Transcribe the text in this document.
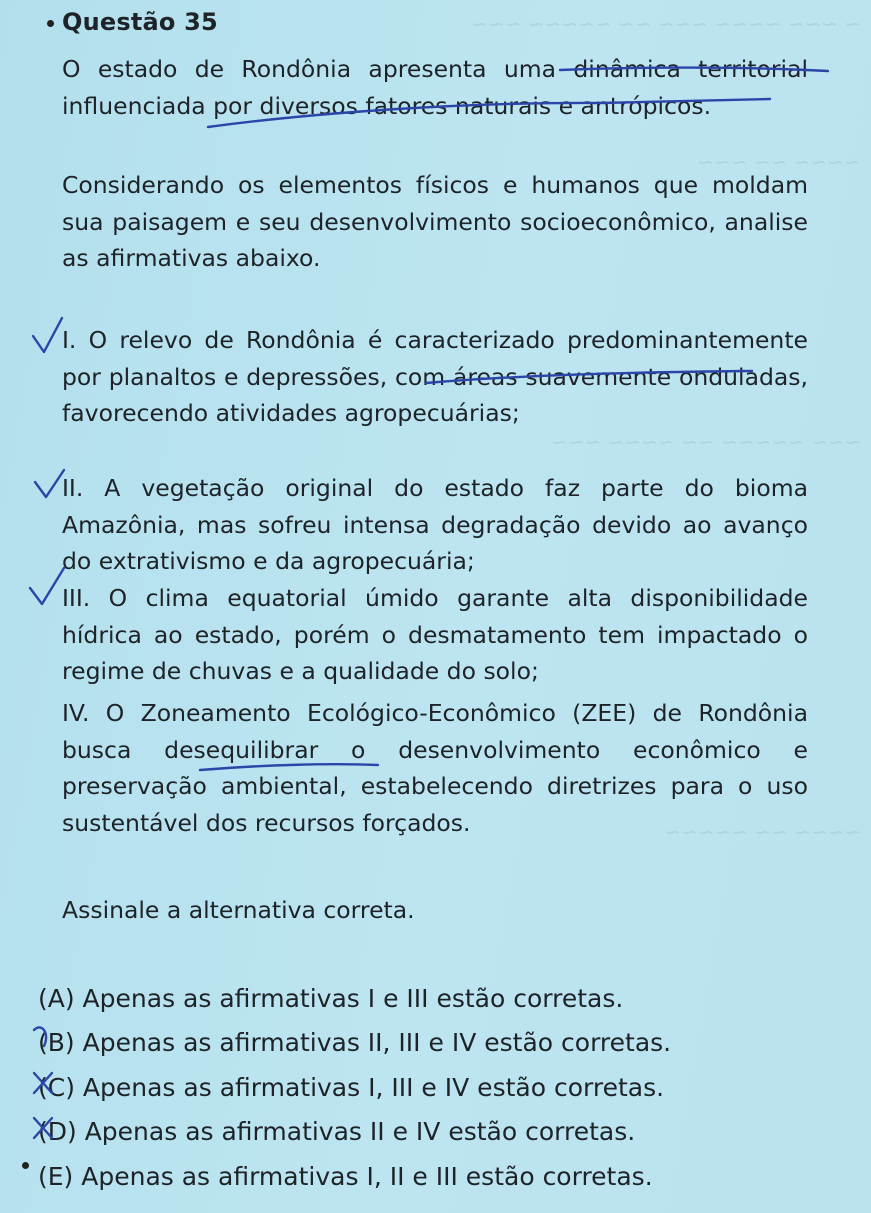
~ ~~~ ~~~~ ~~~ ~~ ~~~~~ ~~~
~~~~ ~~ ~~~
~~~ ~~~~~ ~~ ~~~~ ~~~
~~~~ ~~ ~~~~~
Questão 35
O estado de Rondônia apresenta uma dinâmica territorial influenciada por diversos fatores naturais e antrópicos.
Considerando os elementos físicos e humanos que moldam sua paisagem e seu desenvolvimento socioeconômico, analise as afirmativas abaixo.
I. O relevo de Rondônia é caracterizado predominantemente por planaltos e depressões, com áreas suavemente onduladas, favorecendo atividades agropecuárias;
II. A vegetação original do estado faz parte do bioma Amazônia, mas sofreu intensa degradação devido ao avanço do extrativismo e da agropecuária;
III. O clima equatorial úmido garante alta disponibilidade hídrica ao estado, porém o desmatamento tem impactado o regime de chuvas e a qualidade do solo;
IV. O Zoneamento Ecológico-Econômico (ZEE) de Rondônia busca desequilibrar o desenvolvimento econômico e preservação ambiental, estabelecendo diretrizes para o uso sustentável dos recursos forçados.
Assinale a alternativa correta.
(A) Apenas as afirmativas I e III estão corretas.
(B) Apenas as afirmativas II, III e IV estão corretas.
(C) Apenas as afirmativas I, III e IV estão corretas.
(D) Apenas as afirmativas II e IV estão corretas.
(E) Apenas as afirmativas I, II e III estão corretas.
